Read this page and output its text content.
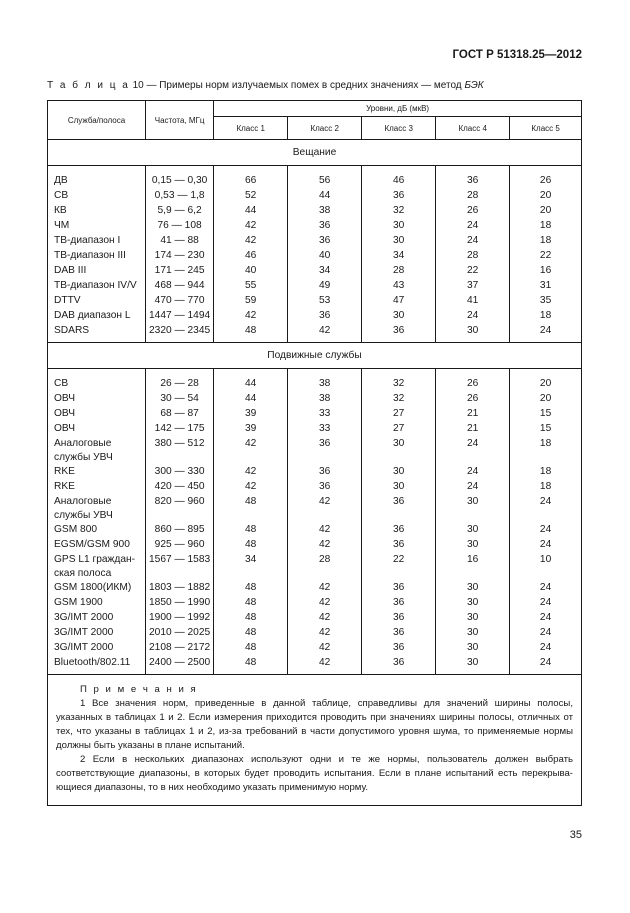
ГОСТ Р 51318.25—2012
Т а б л и ц а 10 — Примеры норм излучаемых помех в средних значениях — метод БЭК
Служба/полоса	Частота, МГц	Уровни, дБ (мкВ)				
		Класс 1	Класс 2	Класс 3	Класс 4	Класс 5
Вещание						

ДВ	0,15 — 0,30	66	56	46	36	26
СВ	0,53 — 1,8	52	44	36	28	20
КВ	5,9 — 6,2	44	38	32	26	20
ЧМ	76 — 108	42	36	30	24	18
ТВ-диапазон I	41 — 88	42	36	30	24	18
ТВ-диапазон III	174 — 230	46	40	34	28	22
DAB III	171 — 245	40	34	28	22	16
ТВ-диапазон IV/V	468 — 944	55	49	43	37	31
DTTV	470 — 770	59	53	47	41	35
DAB диапазон L	1447 — 1494	42	36	30	24	18
SDARS	2320 — 2345	48	42	36	30	24
Подвижные службы						

СВ	26 — 28	44	38	32	26	20
ОВЧ	30 — 54	44	38	32	26	20
ОВЧ	68 — 87	39	33	27	21	15
ОВЧ	142 — 175	39	33	27	21	15
Аналоговые службы УВЧ	380 — 512	42	36	30	24	18
RKE	300 — 330	42	36	30	24	18
RKE	420 — 450	42	36	30	24	18
Аналоговые службы УВЧ	820 — 960	48	42	36	30	24
GSM 800	860 — 895	48	42	36	30	24
EGSM/GSM 900	925 — 960	48	42	36	30	24
GPS L1 граждан-ская полоса	1567 — 1583	34	28	22	16	10
GSM 1800(ИКМ)	1803 — 1882	48	42	36	30	24
GSM 1900	1850 — 1990	48	42	36	30	24
3G/IMT 2000	1900 — 1992	48	42	36	30	24
3G/IMT 2000	2010 — 2025	48	42	36	30	24
3G/IMT 2000	2108 — 2172	48	42	36	30	24
Bluetooth/802.11	2400 — 2500	48	42	36	30	24

П р и м е ч а н и я

1 Все значения норм, приведенные в данной таблице, справедливы для значений ширины полосы, указанных в таблицах 1 и 2. Если измерения приходится проводить при значениях ширины полосы, отличных от тех, что указаны в таблицах 1 и 2, из-за требований в части допустимого уровня шума, то применяемые нормы должны быть указаны в плане испытаний.

2 Если в нескольких диапазонах используют одни и те же нормы, пользователь должен выбрать соответствующие диапазоны, в которых будет проводить испытания. Если в плане испытаний есть перекрыва-ющиеся диапазоны, то в них необходимо указать применимую норму.						

35
